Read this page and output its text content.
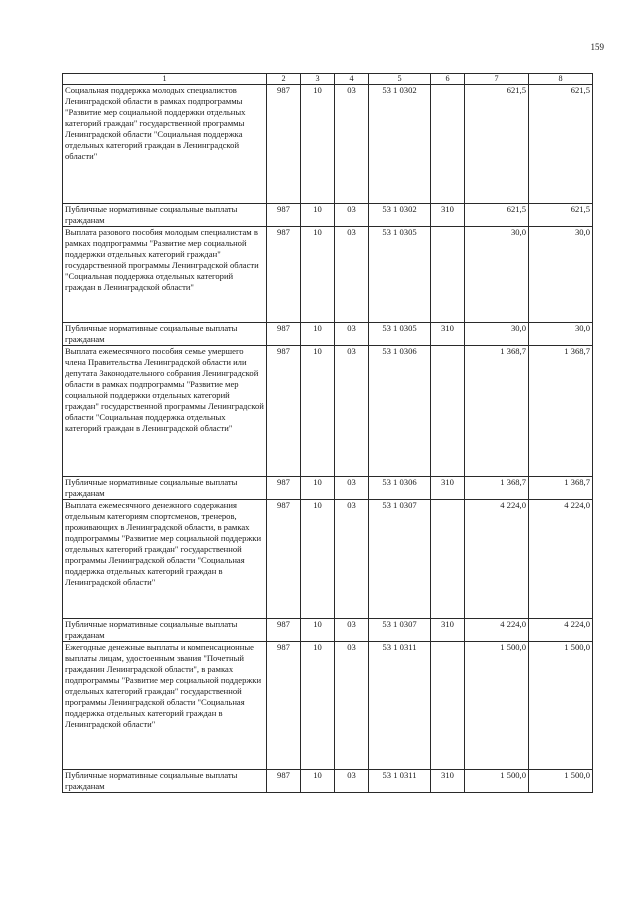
159
1	2	3	4	5	6	7	8
Социальная поддержка молодых специалистов Ленинградской области в рамках подпрограммы "Развитие мер социальной поддержки отдельных категорий граждан" государственной программы Ленинградской области "Социальная поддержка отдельных категорий граждан в Ленинградской области"	987	10	03	53 1 0302		621,5	621,5
Публичные нормативные социальные выплаты гражданам	987	10	03	53 1 0302	310	621,5	621,5
Выплата разового пособия молодым специалистам в рамках подпрограммы "Развитие мер социальной поддержки отдельных категорий граждан" государственной программы Ленинградской области "Социальная поддержка отдельных категорий граждан в Ленинградской области"	987	10	03	53 1 0305		30,0	30,0
Публичные нормативные социальные выплаты гражданам	987	10	03	53 1 0305	310	30,0	30,0
Выплата ежемесячного пособия семье умершего члена Правительства Ленинградской области или депутата Законодательного собрания Ленинградской области в рамках подпрограммы "Развитие мер социальной поддержки отдельных категорий граждан" государственной программы Ленинградской области "Социальная поддержка отдельных категорий граждан в Ленинградской области"	987	10	03	53 1 0306		1 368,7	1 368,7
Публичные нормативные социальные выплаты гражданам	987	10	03	53 1 0306	310	1 368,7	1 368,7
Выплата ежемесячного денежного содержания отдельным категориям спортсменов, тренеров, проживающих в Ленинградской области, в рамках подпрограммы "Развитие мер социальной поддержки отдельных категорий граждан" государственной программы Ленинградской области "Социальная поддержка отдельных категорий граждан в Ленинградской области"	987	10	03	53 1 0307		4 224,0	4 224,0
Публичные нормативные социальные выплаты гражданам	987	10	03	53 1 0307	310	4 224,0	4 224,0
Ежегодные денежные выплаты и компенсационные выплаты лицам, удостоенным звания "Почетный гражданин Ленинградской области", в рамках подпрограммы "Развитие мер социальной поддержки отдельных категорий граждан" государственной программы Ленинградской области "Социальная поддержка отдельных категорий граждан в Ленинградской области"	987	10	03	53 1 0311		1 500,0	1 500,0
Публичные нормативные социальные выплаты гражданам	987	10	03	53 1 0311	310	1 500,0	1 500,0
